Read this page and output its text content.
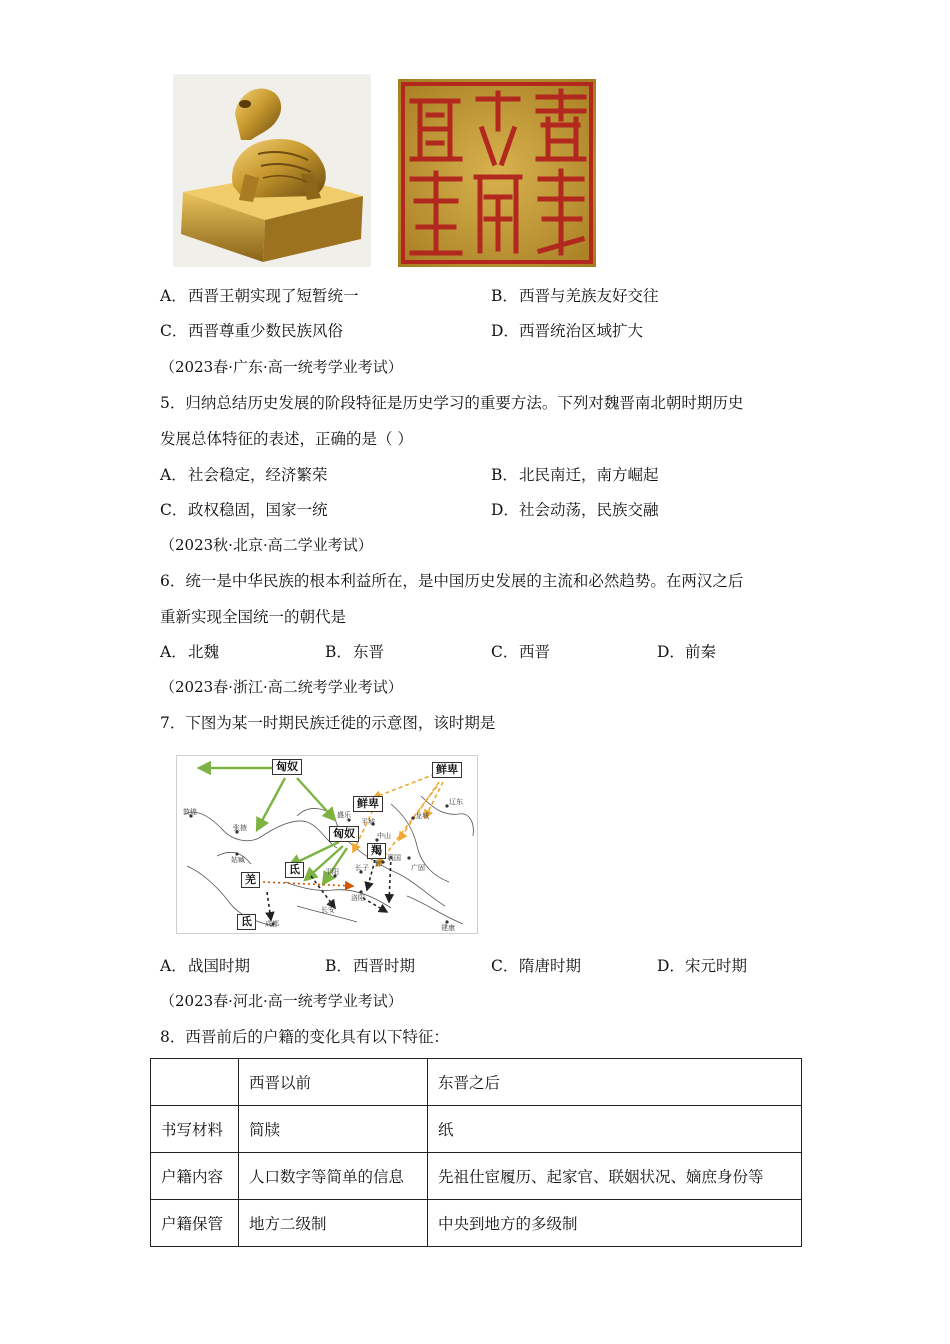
A．西晋王朝实现了短暂统一	B．西晋与羌族友好交往
C．西晋尊重少数民族风俗	D．西晋统治区域扩大
（2023春·广东·高一统考学业考试）
5．归纳总结历史发展的阶段特征是历史学习的重要方法。下列对魏晋南北朝时期历史
发展总体特征的表述，正确的是（ ）
A．社会稳定，经济繁荣	B．北民南迁，南方崛起
C．政权稳固，国家一统	D．社会动荡，民族交融
（2023秋·北京·高二学业考试）
6．统一是中华民族的根本利益所在，是中国历史发展的主流和必然趋势。在两汉之后
重新实现全国统一的朝代是
A．北魏	B．东晋	C．西晋	D．前秦
（2023春·浙江·高二统考学业考试）
7．下图为某一时期民族迁徙的示意图，该时期是
匈奴	鲜卑
鲜卑
匈奴
羯
氐
羌
氐
敦煌
张掖
姑臧
盛乐
平城
中山
邺
襄国
广固
长子
平阳
长安
洛阳
成都	建康
龙城
辽东
A．战国时期	B．西晋时期	C．隋唐时期	D．宋元时期
（2023春·河北·高一统考学业考试）
8．西晋前后的户籍的变化具有以下特征：
	西晋以前	东晋之后
书写材料	简牍	纸
户籍内容	人口数字等简单的信息	先祖仕宦履历、起家官、联姻状况、嫡庶身份等
户籍保管	地方二级制	中央到地方的多级制
